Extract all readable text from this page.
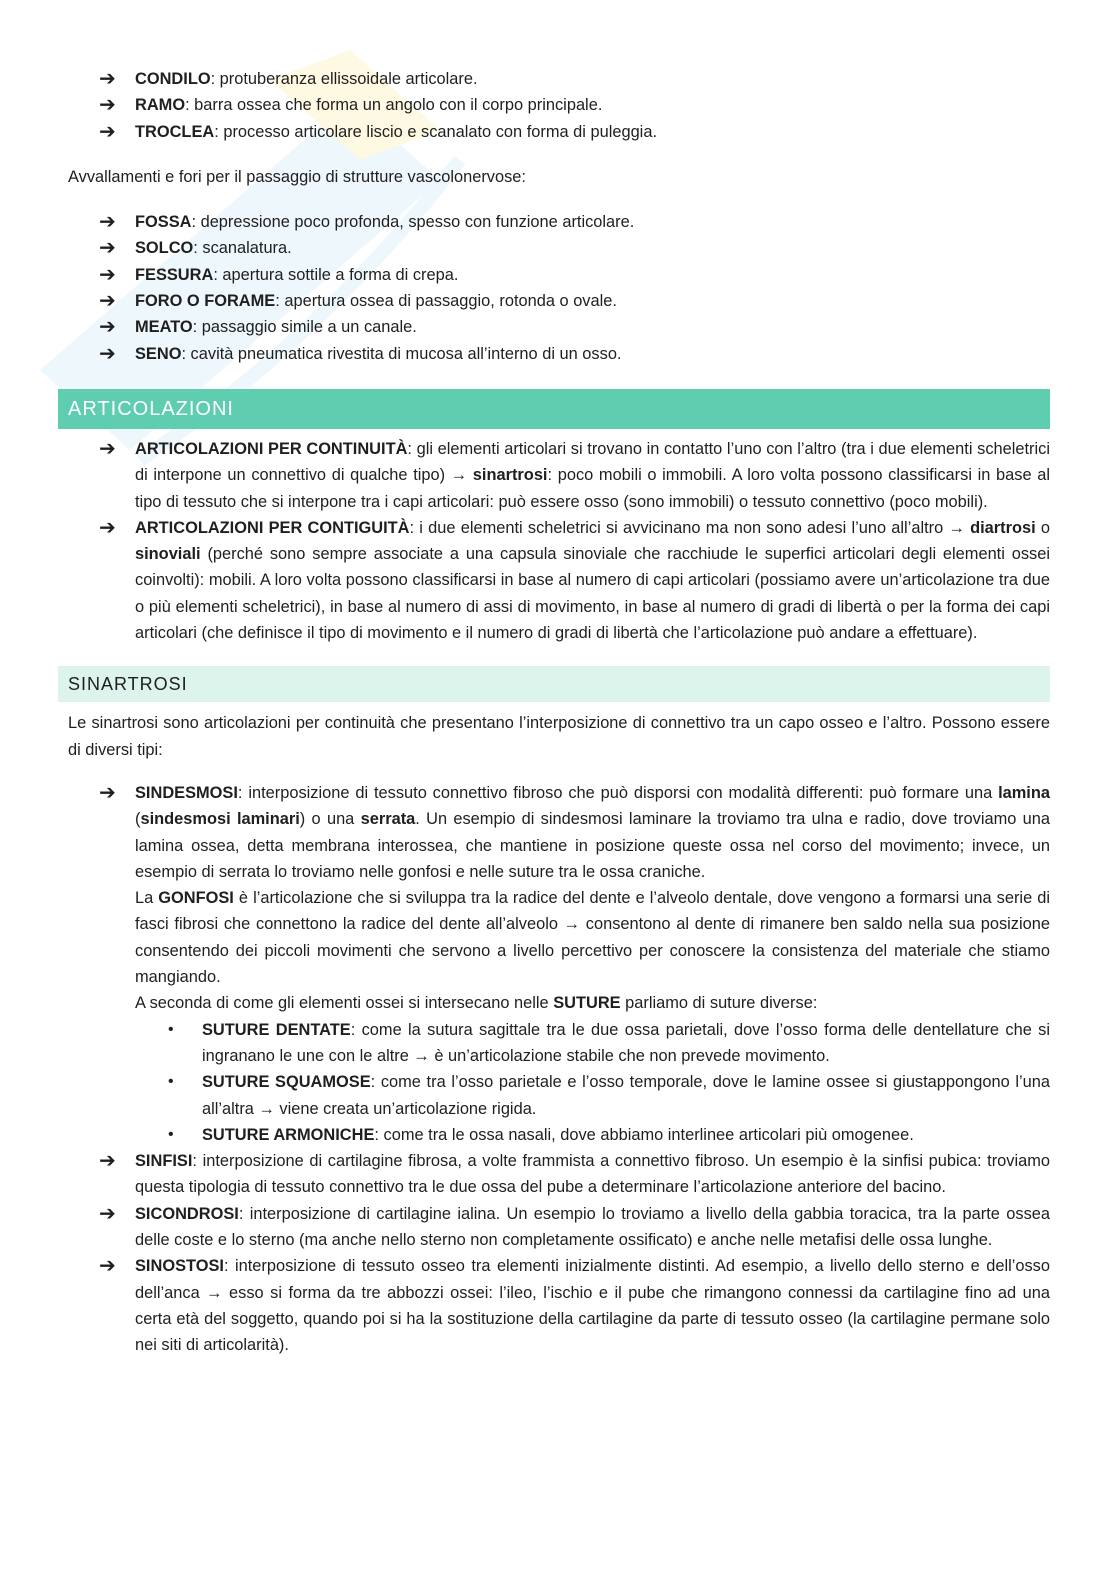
➔ CONDILO: protuberanza ellissoidale articolare.
➔ RAMO: barra ossea che forma un angolo con il corpo principale.
➔ TROCLEA: processo articolare liscio e scanalato con forma di puleggia.

Avvallamenti e fori per il passaggio di strutture vascolonervose:

➔ FOSSA: depressione poco profonda, spesso con funzione articolare.
➔ SOLCO: scanalatura.
➔ FESSURA: apertura sottile a forma di crepa.
➔ FORO O FORAME: apertura ossea di passaggio, rotonda o ovale.
➔ MEATO: passaggio simile a un canale.
➔ SENO: cavità pneumatica rivestita di mucosa all’interno di un osso.
ARTICOLAZIONI
➔ ARTICOLAZIONI PER CONTINUITÀ: gli elementi articolari si trovano in contatto l’uno con l’altro (tra i due elementi scheletrici di interpone un connettivo di qualche tipo) → sinartrosi: poco mobili o immobili. A loro volta possono classificarsi in base al tipo di tessuto che si interpone tra i capi articolari: può essere osso (sono immobili) o tessuto connettivo (poco mobili).
➔ ARTICOLAZIONI PER CONTIGUITÀ: i due elementi scheletrici si avvicinano ma non sono adesi l’uno all’altro → diartrosi o sinoviali (perché sono sempre associate a una capsula sinoviale che racchiude le superfici articolari degli elementi ossei coinvolti): mobili. A loro volta possono classificarsi in base al numero di capi articolari (possiamo avere un’articolazione tra due o più elementi scheletrici), in base al numero di assi di movimento, in base al numero di gradi di libertà o per la forma dei capi articolari (che definisce il tipo di movimento e il numero di gradi di libertà che l’articolazione può andare a effettuare).
SINARTROSI

Le sinartrosi sono articolazioni per continuità che presentano l’interposizione di connettivo tra un capo osseo e l’altro. Possono essere di diversi tipi:

➔ SINDESMOSI: interposizione di tessuto connettivo fibroso che può disporsi con modalità differenti: può formare una lamina (sindesmosi laminari) o una serrata. Un esempio di sindesmosi laminare la troviamo tra ulna e radio, dove troviamo una lamina ossea, detta membrana interossea, che mantiene in posizione queste ossa nel corso del movimento; invece, un esempio di serrata lo troviamo nelle gonfosi e nelle suture tra le ossa craniche.
La GONFOSI è l’articolazione che si sviluppa tra la radice del dente e l’alveolo dentale, dove vengono a formarsi una serie di fasci fibrosi che connettono la radice del dente all’alveolo → consentono al dente di rimanere ben saldo nella sua posizione consentendo dei piccoli movimenti che servono a livello percettivo per conoscere la consistenza del materiale che stiamo mangiando.
A seconda di come gli elementi ossei si intersecano nelle SUTURE parliamo di suture diverse:
• SUTURE DENTATE: come la sutura sagittale tra le due ossa parietali, dove l’osso forma delle dentellature che si ingranano le une con le altre → è un’articolazione stabile che non prevede movimento.
• SUTURE SQUAMOSE: come tra l’osso parietale e l’osso temporale, dove le lamine ossee si giustappongono l’una all’altra → viene creata un’articolazione rigida.
• SUTURE ARMONICHE: come tra le ossa nasali, dove abbiamo interlinee articolari più omogenee.
➔ SINFISI: interposizione di cartilagine fibrosa, a volte frammista a connettivo fibroso. Un esempio è la sinfisi pubica: troviamo questa tipologia di tessuto connettivo tra le due ossa del pube a determinare l’articolazione anteriore del bacino.
➔ SICONDROSI: interposizione di cartilagine ialina. Un esempio lo troviamo a livello della gabbia toracica, tra la parte ossea delle coste e lo sterno (ma anche nello sterno non completamente ossificato) e anche nelle metafisi delle ossa lunghe.
➔ SINOSTOSI: interposizione di tessuto osseo tra elementi inizialmente distinti. Ad esempio, a livello dello sterno e dell’osso dell’anca → esso si forma da tre abbozzi ossei: l’ileo, l’ischio e il pube che rimangono connessi da cartilagine fino ad una certa età del soggetto, quando poi si ha la sostituzione della cartilagine da parte di tessuto osseo (la cartilagine permane solo nei siti di articolarità).
